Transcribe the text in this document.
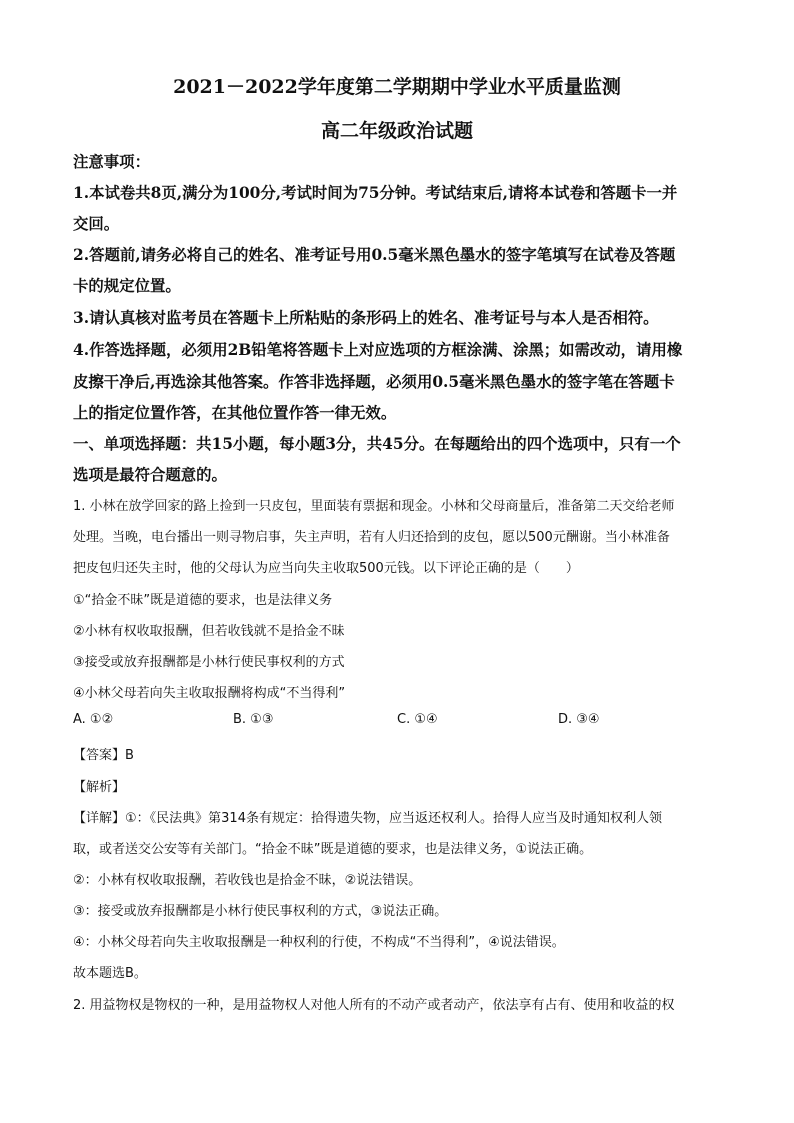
2021－2022学年度第二学期期中学业水平质量监测
高二年级政治试题
注意事项：
1.本试卷共8页,满分为100分,考试时间为75分钟。考试结束后,请将本试卷和答题卡一并
交回。
2.答题前,请务必将自己的姓名、准考证号用0.5毫米黑色墨水的签字笔填写在试卷及答题
卡的规定位置。
3.请认真核对监考员在答题卡上所粘贴的条形码上的姓名、准考证号与本人是否相符。
4.作答选择题，必须用2B铅笔将答题卡上对应选项的方框涂满、涂黑；如需改动，请用橡
皮擦干净后,再选涂其他答案。作答非选择题，必须用0.5毫米黑色墨水的签字笔在答题卡
上的指定位置作答，在其他位置作答一律无效。
一、单项选择题：共15小题，每小题3分，共45分。在每题给出的四个选项中，只有一个
选项是最符合题意的。
1. 小林在放学回家的路上捡到一只皮包，里面装有票据和现金。小林和父母商量后，准备第二天交给老师
处理。当晚，电台播出一则寻物启事，失主声明，若有人归还拾到的皮包，愿以500元酬谢。当小林准备
把皮包归还失主时，他的父母认为应当向失主收取500元钱。以下评论正确的是（　　）
①“拾金不昧”既是道德的要求，也是法律义务
②小林有权收取报酬，但若收钱就不是拾金不昧
③接受或放弃报酬都是小林行使民事权利的方式
④小林父母若向失主收取报酬将构成“不当得利”
A. ①②	B. ①③	C. ①④	D. ③④
【答案】B
【解析】
【详解】①：《民法典》第314条有规定：拾得遗失物，应当返还权利人。拾得人应当及时通知权利人领
取，或者送交公安等有关部门。“拾金不昧”既是道德的要求，也是法律义务，①说法正确。
②：小林有权收取报酬，若收钱也是拾金不昧，②说法错误。
③：接受或放弃报酬都是小林行使民事权利的方式，③说法正确。
④：小林父母若向失主收取报酬是一种权利的行使，不构成“不当得利”，④说法错误。
故本题选B。
2. 用益物权是物权的一种，是用益物权人对他人所有的不动产或者动产，依法享有占有、使用和收益的权
